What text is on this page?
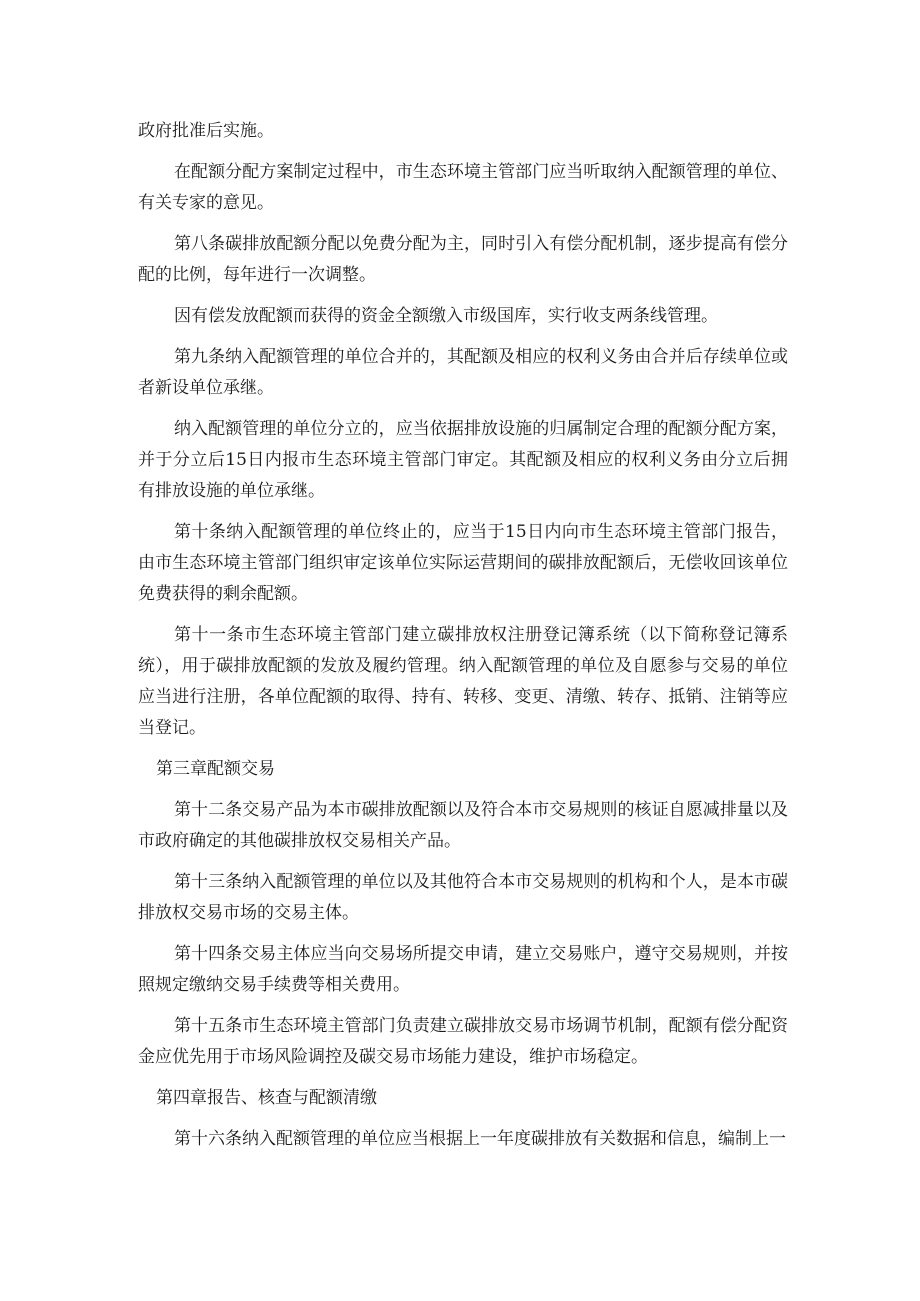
政府批准后实施。

在配额分配方案制定过程中，市生态环境主管部门应当听取纳入配额管理的单位、有关专家的意见。

第八条碳排放配额分配以免费分配为主，同时引入有偿分配机制，逐步提高有偿分配的比例，每年进行一次调整。

因有偿发放配额而获得的资金全额缴入市级国库，实行收支两条线管理。

第九条纳入配额管理的单位合并的，其配额及相应的权利义务由合并后存续单位或者新设单位承继。

纳入配额管理的单位分立的，应当依据排放设施的归属制定合理的配额分配方案，并于分立后15日内报市生态环境主管部门审定。其配额及相应的权利义务由分立后拥有排放设施的单位承继。

第十条纳入配额管理的单位终止的，应当于15日内向市生态环境主管部门报告，由市生态环境主管部门组织审定该单位实际运营期间的碳排放配额后，无偿收回该单位免费获得的剩余配额。

第十一条市生态环境主管部门建立碳排放权注册登记簿系统（以下简称登记簿系统），用于碳排放配额的发放及履约管理。纳入配额管理的单位及自愿参与交易的单位应当进行注册，各单位配额的取得、持有、转移、变更、清缴、转存、抵销、注销等应当登记。

第三章配额交易

第十二条交易产品为本市碳排放配额以及符合本市交易规则的核证自愿减排量以及市政府确定的其他碳排放权交易相关产品。

第十三条纳入配额管理的单位以及其他符合本市交易规则的机构和个人，是本市碳排放权交易市场的交易主体。

第十四条交易主体应当向交易场所提交申请，建立交易账户，遵守交易规则，并按照规定缴纳交易手续费等相关费用。

第十五条市生态环境主管部门负责建立碳排放交易市场调节机制，配额有偿分配资金应优先用于市场风险调控及碳交易市场能力建设，维护市场稳定。

第四章报告、核查与配额清缴

第十六条纳入配额管理的单位应当根据上一年度碳排放有关数据和信息，编制上一
